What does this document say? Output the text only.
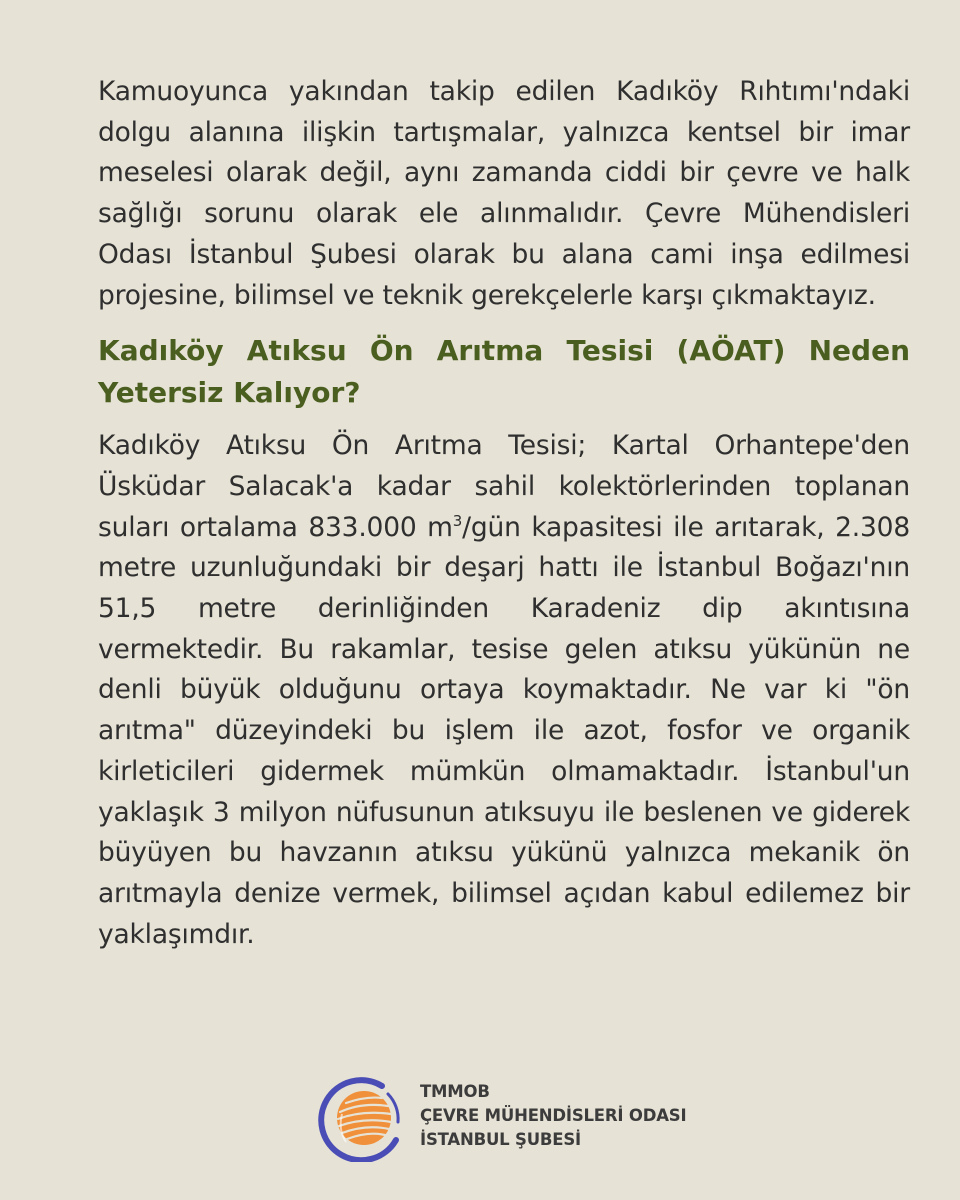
Kamuoyunca yakından takip edilen Kadıköy Rıhtımı'ndaki dolgu alanına ilişkin tartışmalar, yalnızca kentsel bir imar meselesi olarak değil, aynı zamanda ciddi bir çevre ve halk sağlığı sorunu olarak ele alınmalıdır. Çevre Mühendisleri Odası İstanbul Şubesi olarak bu alana cami inşa edilmesi projesine, bilimsel ve teknik gerekçelerle karşı çıkmaktayız.

Kadıköy Atıksu Ön Arıtma Tesisi (AÖAT) Neden Yetersiz Kalıyor?

Kadıköy Atıksu Ön Arıtma Tesisi; Kartal Orhantepe'den Üsküdar Salacak'a kadar sahil kolektörlerinden toplanan suları ortalama 833.000 $m^3$/gün kapasitesi ile arıtarak, 2.308 metre uzunluğundaki bir deşarj hattı ile İstanbul Boğazı'nın 51,5 metre derinliğinden Karadeniz dip akıntısına vermektedir. Bu rakamlar, tesise gelen atıksu yükünün ne denli büyük olduğunu ortaya koymaktadır. Ne var ki "ön arıtma" düzeyindeki bu işlem ile azot, fosfor ve organik kirleticileri gidermek mümkün olmamaktadır. İstanbul'un yaklaşık 3 milyon nüfusunun atıksuyu ile beslenen ve giderek büyüyen bu havzanın atıksu yükünü yalnızca mekanik ön arıtmayla denize vermek, bilimsel açıdan kabul edilemez bir yaklaşımdır.

TMMOB
ÇEVRE MÜHENDİSLERİ ODASI
İSTANBUL ŞUBESİ
